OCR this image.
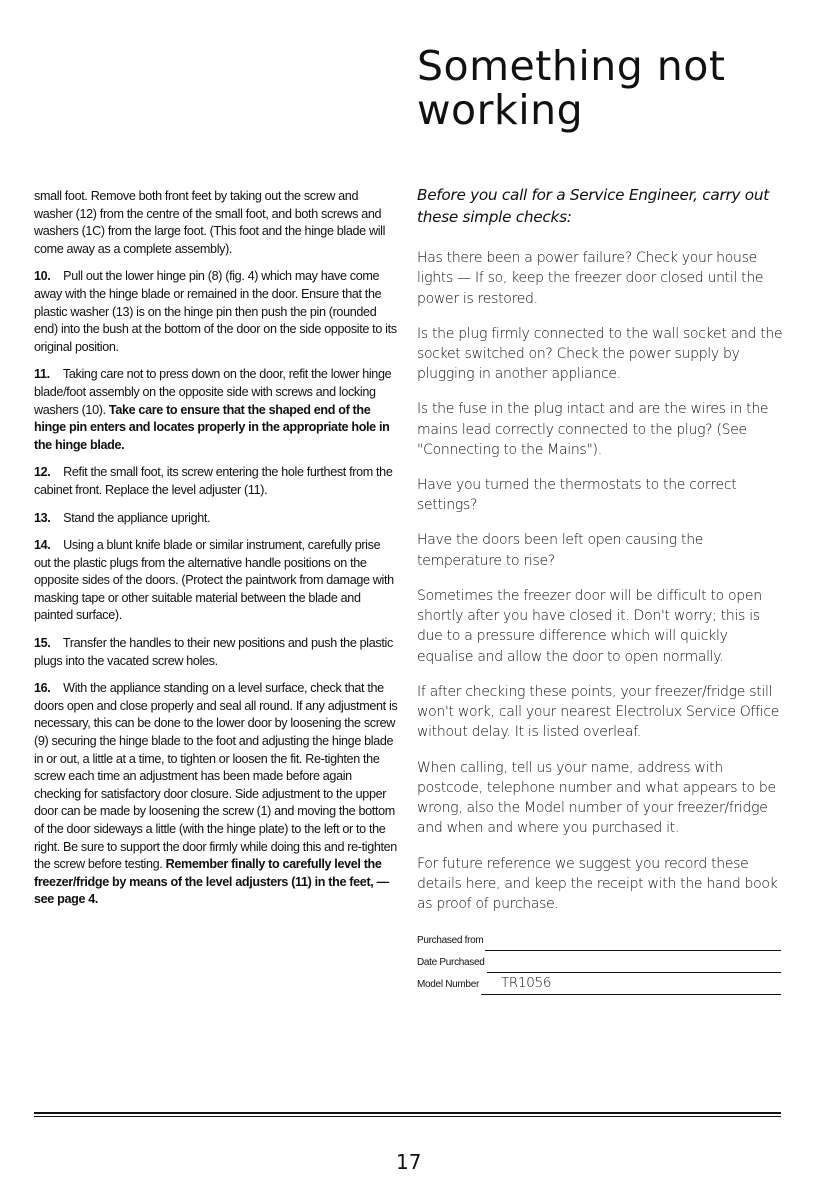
Something not
working

small foot. Remove both front feet by taking out the screw and washer (12) from the centre of the small foot, and both screws and washers (1C) from the large foot. (This foot and the hinge blade will come away as a complete assembly).

10. Pull out the lower hinge pin (8) (fig. 4) which may have come away with the hinge blade or remained in the door. Ensure that the plastic washer (13) is on the hinge pin then push the pin (rounded end) into the bush at the bottom of the door on the side opposite to its original position.

11. Taking care not to press down on the door, refit the lower hinge blade/foot assembly on the opposite side with screws and locking washers (10). Take care to ensure that the shaped end of the hinge pin enters and locates properly in the appropriate hole in the hinge blade.

12. Refit the small foot, its screw entering the hole furthest from the cabinet front. Replace the level adjuster (11).

13. Stand the appliance upright.

14. Using a blunt knife blade or similar instrument, carefully prise out the plastic plugs from the alternative handle positions on the opposite sides of the doors. (Protect the paintwork from damage with masking tape or other suitable material between the blade and painted surface).

15. Transfer the handles to their new positions and push the plastic plugs into the vacated screw holes.

16. With the appliance standing on a level surface, check that the doors open and close properly and seal all round. If any adjustment is necessary, this can be done to the lower door by loosening the screw (9) securing the hinge blade to the foot and adjusting the hinge blade in or out, a little at a time, to tighten or loosen the fit. Re-tighten the screw each time an adjustment has been made before again checking for satisfactory door closure. Side adjustment to the upper door can be made by loosening the screw (1) and moving the bottom of the door sideways a little (with the hinge plate) to the left or to the right. Be sure to support the door firmly while doing this and re-tighten the screw before testing. Remember finally to carefully level the freezer/fridge by means of the level adjusters (11) in the feet, — see page 4.

Before you call for a Service Engineer, carry out these simple checks:

Has there been a power failure? Check your house lights — If so, keep the freezer door closed until the power is restored.

Is the plug firmly connected to the wall socket and the socket switched on? Check the power supply by plugging in another appliance.

Is the fuse in the plug intact and are the wires in the mains lead correctly connected to the plug? (See "Connecting to the Mains").

Have you turned the thermostats to the correct settings?

Have the doors been left open causing the temperature to rise?

Sometimes the freezer door will be difficult to open shortly after you have closed it. Don't worry; this is due to a pressure difference which will quickly equalise and allow the door to open normally.

If after checking these points, your freezer/fridge still won't work, call your nearest Electrolux Service Office without delay. It is listed overleaf.

When calling, tell us your name, address with postcode, telephone number and what appears to be wrong, also the Model number of your freezer/fridge and when and where you purchased it.

For future reference we suggest you record these details here, and keep the receipt with the hand book as proof of purchase.

Purchased from
Date Purchased
Model Number TR1056
17
